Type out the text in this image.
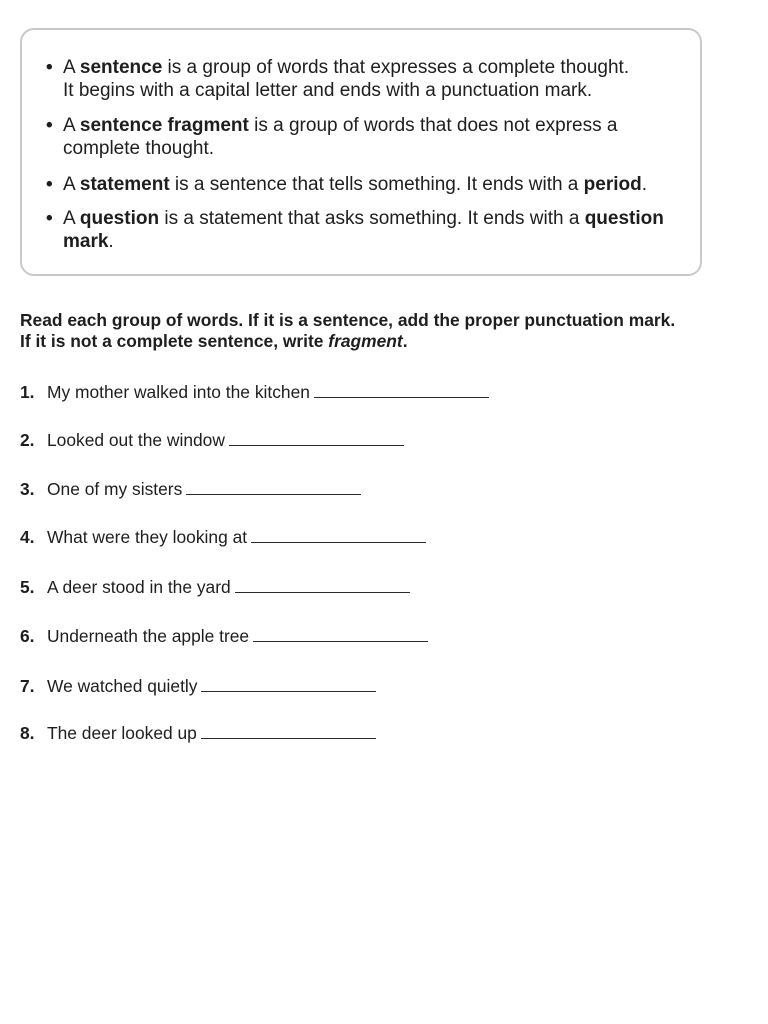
• A sentence is a group of words that expresses a complete thought.
It begins with a capital letter and ends with a punctuation mark.
• A sentence fragment is a group of words that does not express a
complete thought.
• A statement is a sentence that tells something. It ends with a period.
• A question is a statement that asks something. It ends with a question
mark.
Read each group of words. If it is a sentence, add the proper punctuation mark.
If it is not a complete sentence, write fragment.
1. My mother walked into the kitchen
2. Looked out the window
3. One of my sisters
4. What were they looking at
5. A deer stood in the yard
6. Underneath the apple tree
7. We watched quietly
8. The deer looked up
